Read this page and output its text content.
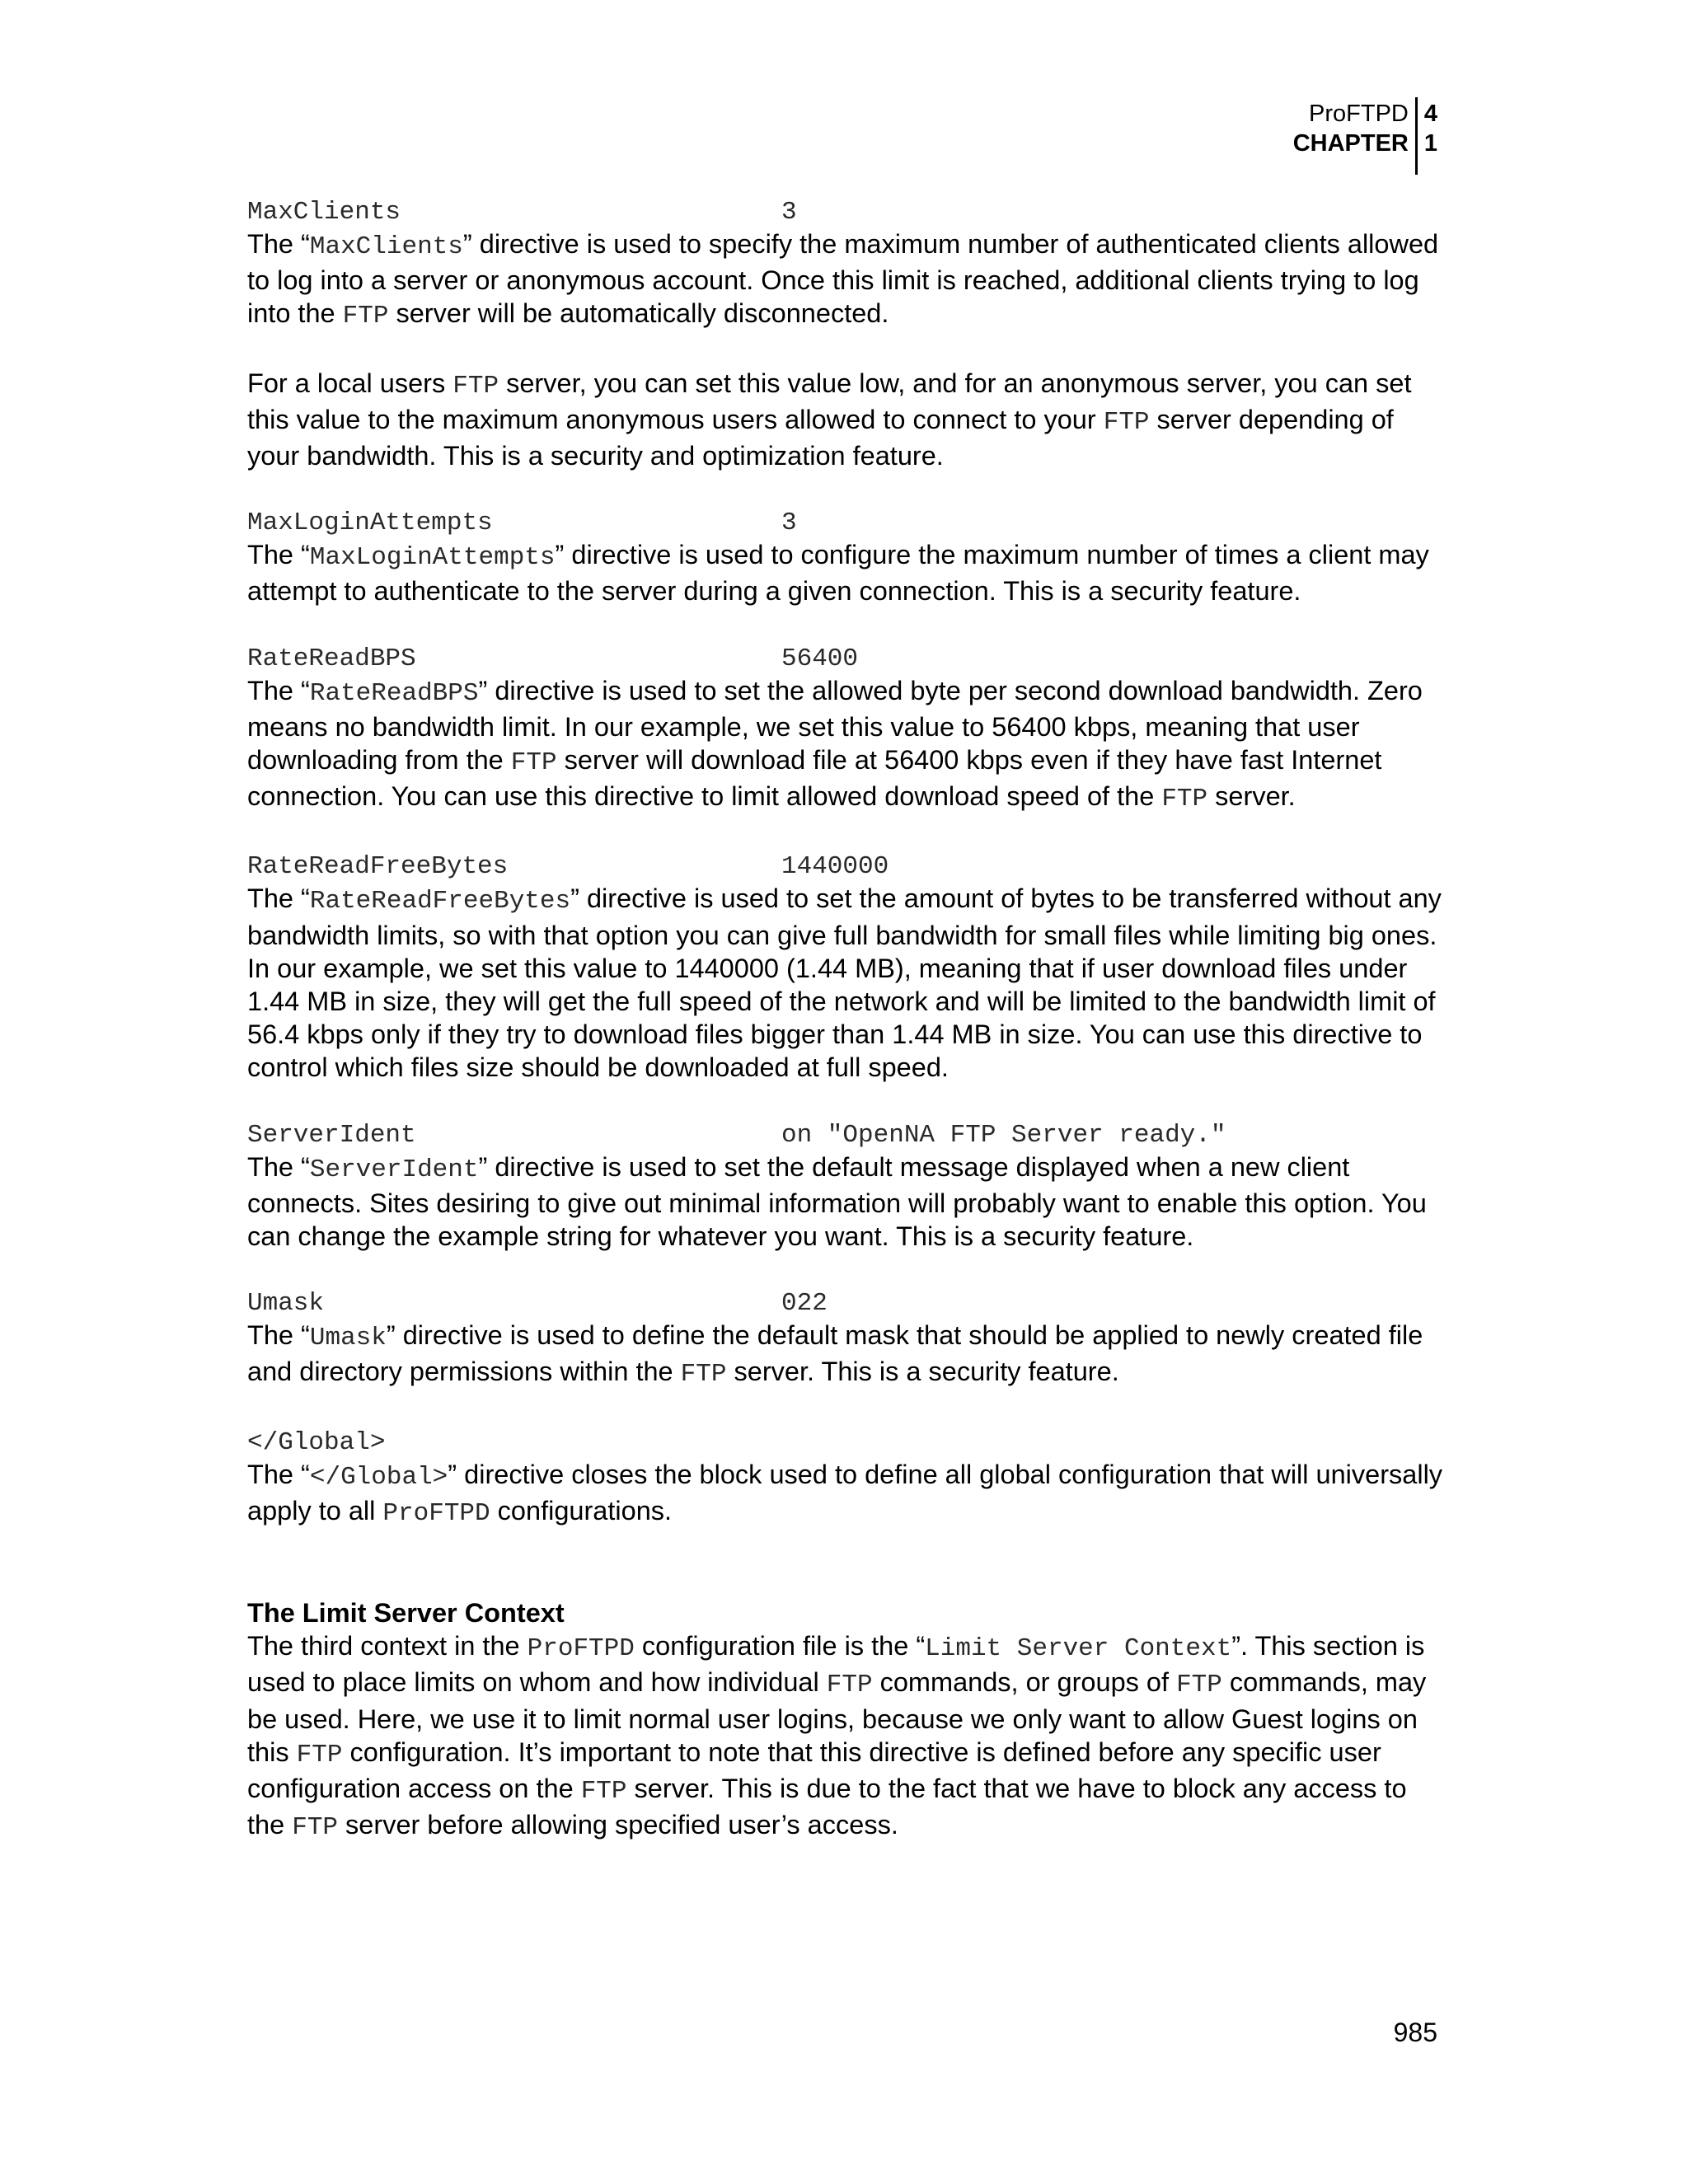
ProFTPD
CHAPTER
4
1
MaxClients	3

The “MaxClients” directive is used to specify the maximum number of authenticated clients allowed to log into a server or anonymous account. Once this limit is reached, additional clients trying to log into the FTP server will be automatically disconnected.

For a local users FTP server, you can set this value low, and for an anonymous server, you can set this value to the maximum anonymous users allowed to connect to your FTP server depending of your bandwidth. This is a security and optimization feature.

MaxLoginAttempts	3

The “MaxLoginAttempts” directive is used to configure the maximum number of times a client may attempt to authenticate to the server during a given connection. This is a security feature.

RateReadBPS	56400

The “RateReadBPS” directive is used to set the allowed byte per second download bandwidth. Zero means no bandwidth limit. In our example, we set this value to 56400 kbps, meaning that user downloading from the FTP server will download file at 56400 kbps even if they have fast Internet connection. You can use this directive to limit allowed download speed of the FTP server.

RateReadFreeBytes	1440000

The “RateReadFreeBytes” directive is used to set the amount of bytes to be transferred without any bandwidth limits, so with that option you can give full bandwidth for small files while limiting big ones. In our example, we set this value to 1440000 (1.44 MB), meaning that if user download files under 1.44 MB in size, they will get the full speed of the network and will be limited to the bandwidth limit of 56.4 kbps only if they try to download files bigger than 1.44 MB in size. You can use this directive to control which files size should be downloaded at full speed.

ServerIdent	on "OpenNA FTP Server ready."

The “ServerIdent” directive is used to set the default message displayed when a new client connects. Sites desiring to give out minimal information will probably want to enable this option. You can change the example string for whatever you want. This is a security feature.

Umask	022

The “Umask” directive is used to define the default mask that should be applied to newly created file and directory permissions within the FTP server. This is a security feature.

</Global>

The “</Global>” directive closes the block used to define all global configuration that will universally apply to all ProFTPD configurations.

The Limit Server Context

The third context in the ProFTPD configuration file is the “Limit Server Context”. This section is used to place limits on whom and how individual FTP commands, or groups of FTP commands, may be used. Here, we use it to limit normal user logins, because we only want to allow Guest logins on this FTP configuration. It’s important to note that this directive is defined before any specific user configuration access on the FTP server. This is due to the fact that we have to block any access to the FTP server before allowing specified user’s access.

985
